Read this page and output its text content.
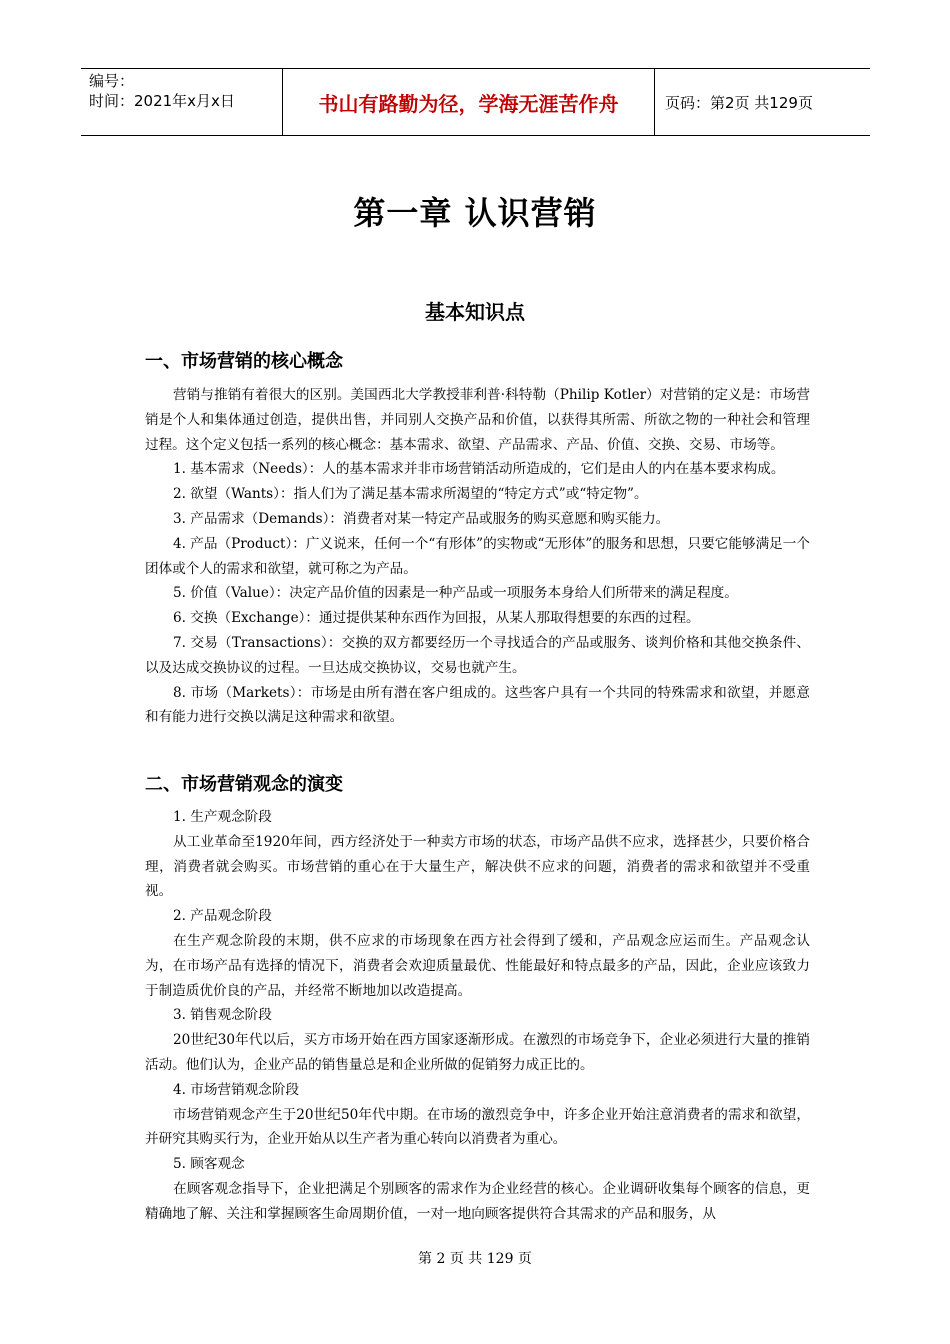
编号：
时间：2021年x月x日	书山有路勤为径，学海无涯苦作舟	页码：第2页 共129页
第一章 认识营销
基本知识点
一、市场营销的核心概念

营销与推销有着很大的区别。美国西北大学教授菲利普·科特勒（Philip Kotler）对营销的定义是：市场营销是个人和集体通过创造，提供出售，并同别人交换产品和价值，以获得其所需、所欲之物的一种社会和管理过程。这个定义包括一系列的核心概念：基本需求、欲望、产品需求、产品、价值、交换、交易、市场等。

1. 基本需求（Needs）：人的基本需求并非市场营销活动所造成的，它们是由人的内在基本要求构成。

2. 欲望（Wants）：指人们为了满足基本需求所渴望的“特定方式”或“特定物”。

3. 产品需求（Demands）：消费者对某一特定产品或服务的购买意愿和购买能力。

4. 产品（Product）：广义说来，任何一个“有形体”的实物或“无形体”的服务和思想，只要它能够满足一个团体或个人的需求和欲望，就可称之为产品。

5. 价值（Value）：决定产品价值的因素是一种产品或一项服务本身给人们所带来的满足程度。

6. 交换（Exchange）：通过提供某种东西作为回报，从某人那取得想要的东西的过程。

7. 交易（Transactions）：交换的双方都要经历一个寻找适合的产品或服务、谈判价格和其他交换条件、以及达成交换协议的过程。一旦达成交换协议，交易也就产生。

8. 市场（Markets）：市场是由所有潜在客户组成的。这些客户具有一个共同的特殊需求和欲望，并愿意和有能力进行交换以满足这种需求和欲望。

二、市场营销观念的演变

1. 生产观念阶段

从工业革命至1920年间，西方经济处于一种卖方市场的状态，市场产品供不应求，选择甚少，只要价格合理，消费者就会购买。市场营销的重心在于大量生产，解决供不应求的问题，消费者的需求和欲望并不受重视。

2. 产品观念阶段

在生产观念阶段的末期，供不应求的市场现象在西方社会得到了缓和，产品观念应运而生。产品观念认为，在市场产品有选择的情况下，消费者会欢迎质量最优、性能最好和特点最多的产品，因此，企业应该致力于制造质优价良的产品，并经常不断地加以改造提高。

3. 销售观念阶段

20世纪30年代以后，买方市场开始在西方国家逐渐形成。在激烈的市场竞争下，企业必须进行大量的推销活动。他们认为，企业产品的销售量总是和企业所做的促销努力成正比的。

4. 市场营销观念阶段

市场营销观念产生于20世纪50年代中期。在市场的激烈竞争中，许多企业开始注意消费者的需求和欲望，并研究其购买行为，企业开始从以生产者为重心转向以消费者为重心。

5. 顾客观念

在顾客观念指导下，企业把满足个别顾客的需求作为企业经营的核心。企业调研收集每个顾客的信息，更精确地了解、关注和掌握顾客生命周期价值，一对一地向顾客提供符合其需求的产品和服务，从

第 2 页 共 129 页
